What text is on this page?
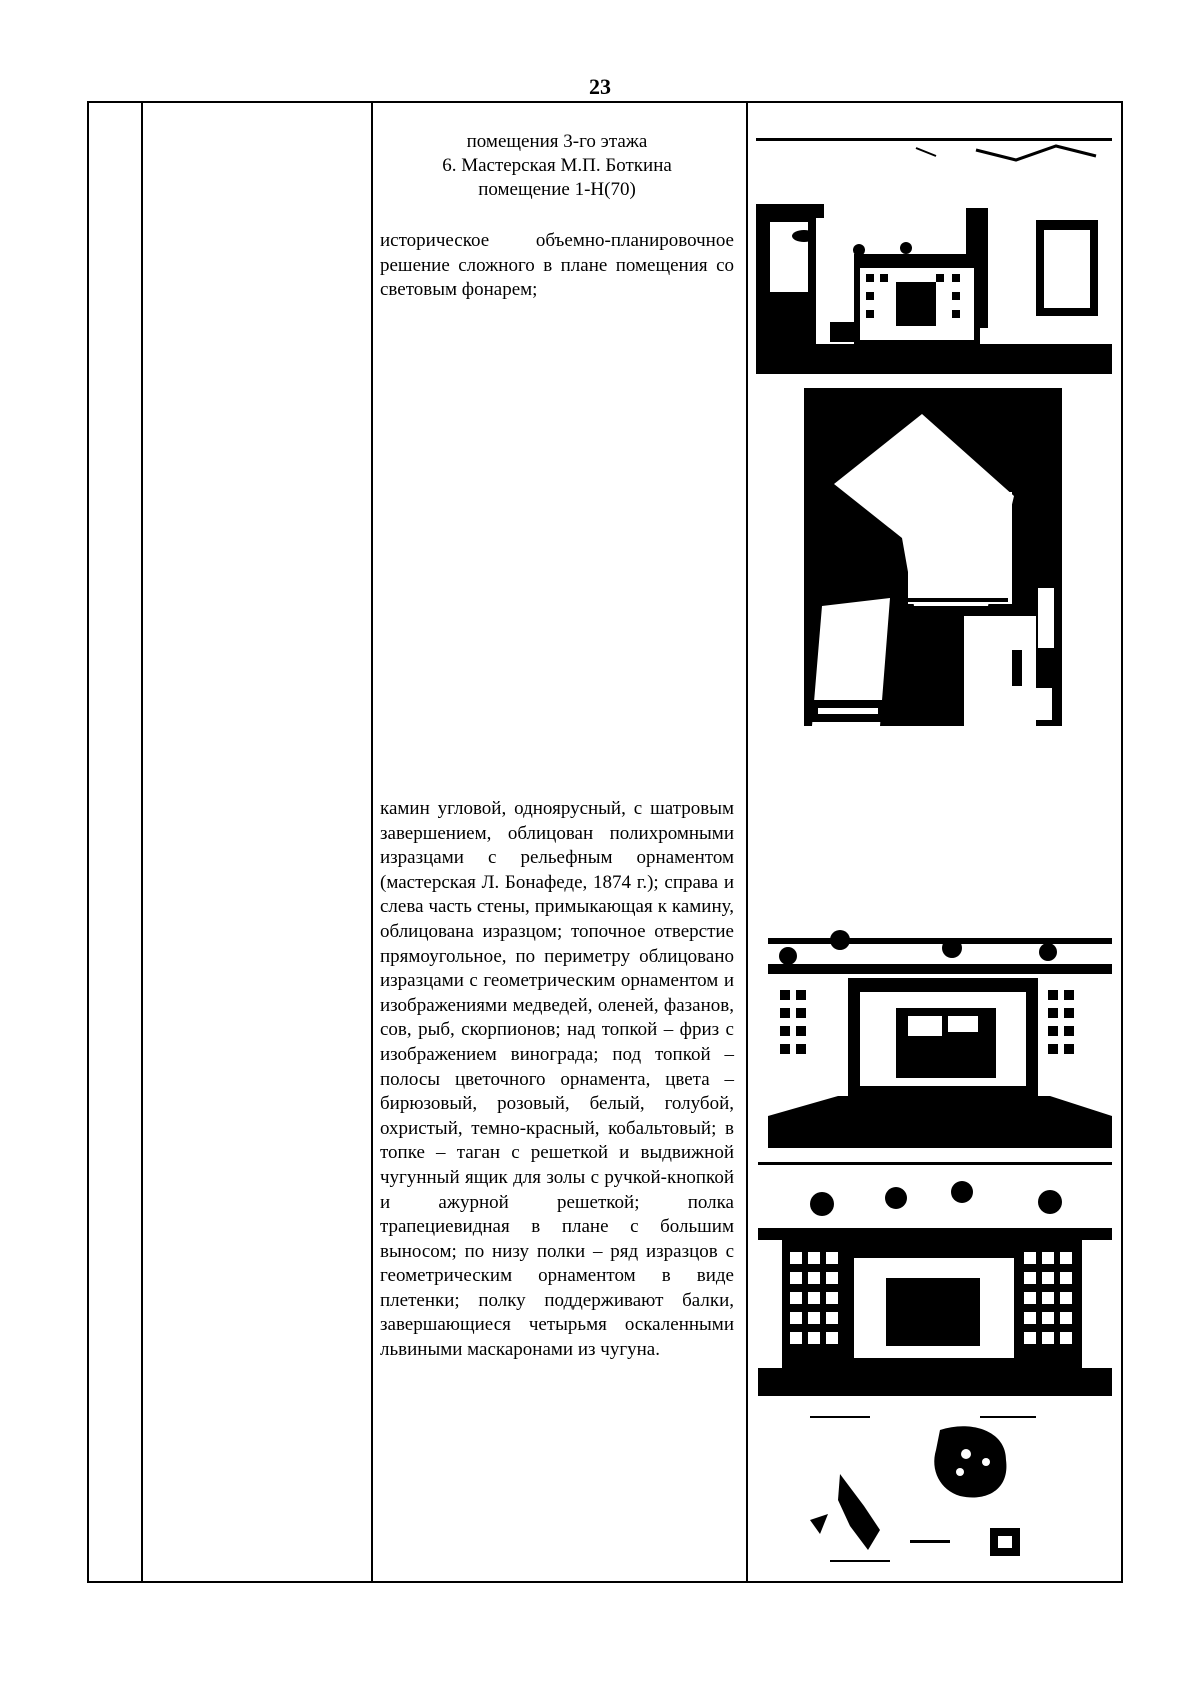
23
помещения 3-го этажа
6. Мастерская М.П. Боткина
помещение 1-Н(70)
историческое объемно-планировочное решение сложного в плане помещения со световым фонарем;
камин угловой, одноярусный, с шатровым завершением, облицован полихромными изразцами с рельефным орнаментом (мастерская Л. Бонафеде, 1874 г.); справа и слева часть стены, примыкающая к камину, облицована изразцом; топочное отверстие прямоугольное, по периметру облицовано изразцами с геометрическим орнаментом и изображениями медведей, оленей, фазанов, сов, рыб, скорпионов; над топкой – фриз с изображением винограда; под топкой – полосы цветочного орнамента, цвета – бирюзовый, розовый, белый, голубой, охристый, темно-красный, кобальтовый; в топке – таган с решеткой и выдвижной чугунный ящик для золы с ручкой-кнопкой и ажурной решеткой; полка трапециевидная в плане с большим выносом; по низу полки – ряд изразцов с геометрическим орнаментом в виде плетенки; полку поддерживают балки, завершающиеся четырьмя оскаленными львиными маскаронами из чугуна.
